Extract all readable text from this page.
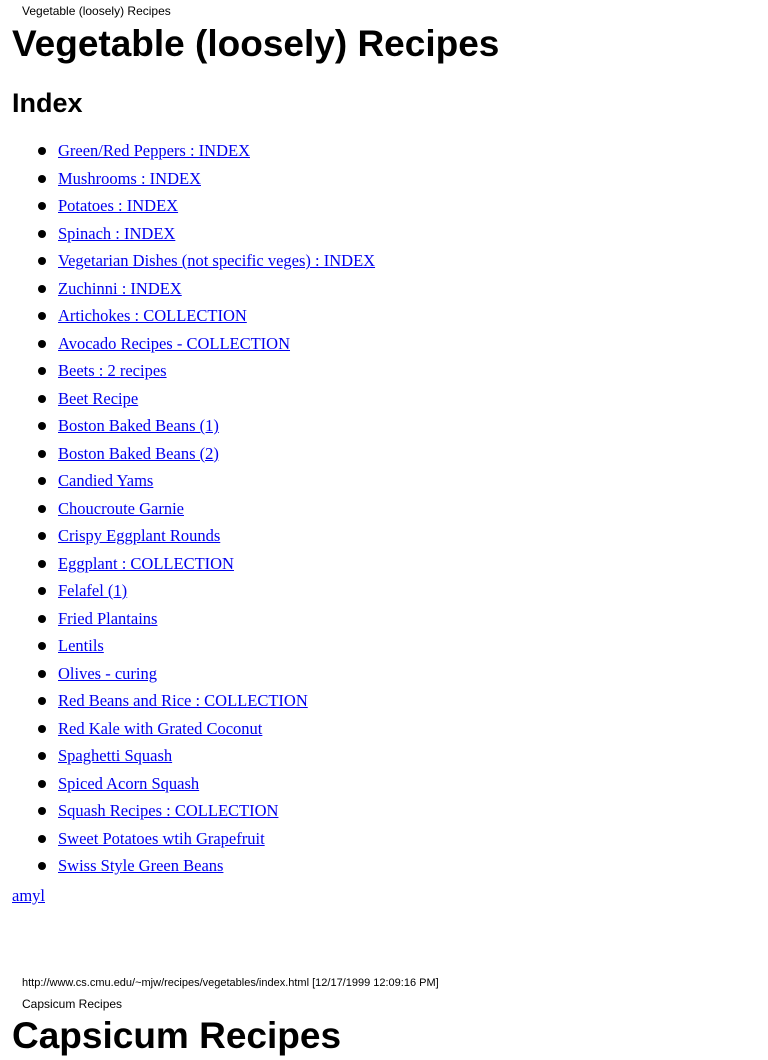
Vegetable (loosely) Recipes
Vegetable (loosely) Recipes
Index
Green/Red Peppers : INDEX
Mushrooms : INDEX
Potatoes : INDEX
Spinach : INDEX
Vegetarian Dishes (not specific veges) : INDEX
Zuchinni : INDEX
Artichokes : COLLECTION
Avocado Recipes - COLLECTION
Beets : 2 recipes
Beet Recipe
Boston Baked Beans (1)
Boston Baked Beans (2)
Candied Yams
Choucroute Garnie
Crispy Eggplant Rounds
Eggplant : COLLECTION
Felafel (1)
Fried Plantains
Lentils
Olives - curing
Red Beans and Rice : COLLECTION
Red Kale with Grated Coconut
Spaghetti Squash
Spiced Acorn Squash
Squash Recipes : COLLECTION
Sweet Potatoes wtih Grapefruit
Swiss Style Green Beans
amyl
http://www.cs.cmu.edu/~mjw/recipes/vegetables/index.html [12/17/1999 12:09:16 PM]
Capsicum Recipes
Capsicum Recipes
